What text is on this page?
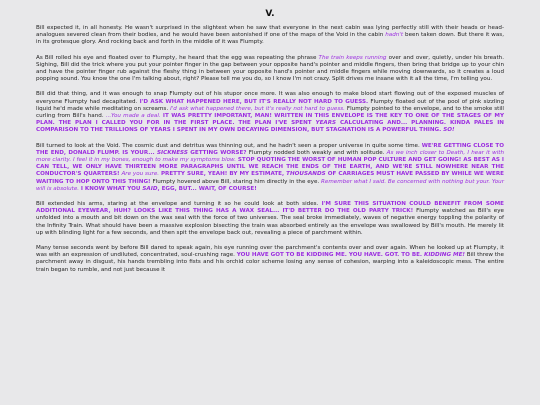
V.

Bill expected it, in all honesty. He wasn't surprised in the slightest when he saw that everyone in the next cabin was lying perfectly still with their heads or head-analogues severed clean from their bodies, and he would have been astonished if one of the maps of the Void in the cabin hadn't been taken down. But there it was, in its grotesque glory. And rocking back and forth in the middle of it was Flumpty.

As Bill rolled his eye and floated over to Flumpty, he heard that the egg was repeating the phrase The train keeps running over and over, quietly, under his breath. Sighing, Bill did the trick where you put your pointer finger in the gap between your opposite hand's pointer and middle fingers, then bring that bridge up to your chin and have the pointer finger rub against the fleshy thing in between your opposite hand's pointer and middle fingers while moving downwards, so it creates a loud popping sound. You know the one I'm talking about, right? Please tell me you do, so I know I'm not crazy. Split drives me insane with it all the time, I'm telling you.

Bill did that thing, and it was enough to snap Flumpty out of his stupor once more. It was also enough to make blood start flowing out of the exposed muscles of everyone Flumpty had decapitated. I'D ASK WHAT HAPPENED HERE, BUT IT'S REALLY NOT HARD TO GUESS. Flumpty floated out of the pool of pink sizzling liquid he'd made while meditating on screams. I'd ask what happened there, but it's really not hard to guess. Flumpty pointed to the envelope, and to the smoke still curling from Bill's hand. ...You made a deal. IT WAS PRETTY IMPORTANT, MAN! WRITTEN IN THIS ENVELOPE IS THE KEY TO ONE OF THE STAGES OF MY PLAN. THE PLAN I CALLED YOU FOR IN THE FIRST PLACE. THE PLAN I'VE SPENT YEARS CALCULATING AND... PLANNING. KINDA PALES IN COMPARISON TO THE TRILLIONS OF YEARS I SPENT IN MY OWN DECAYING DIMENSION, BUT STAGNATION IS A POWERFUL THING. SO!

Bill turned to look at the Void. The cosmic dust and detritus was thinning out, and he hadn't seen a proper universe in quite some time. WE'RE GETTING CLOSE TO THE END, DONALD FLUMP. IS YOUR... SICKNESS GETTING WORSE? Flumpty nodded both weakly and with solitude. As we inch closer to Death, I hear it with more clarity. I feel it in my bones, enough to make my symptoms blow. STOP QUOTING THE WORST OF HUMAN POP CULTURE AND GET GOING! AS BEST AS I CAN TELL, WE ONLY HAVE THIRTEEN MORE PARAGRAPHS UNTIL WE REACH THE ENDS OF THE EARTH, AND WE'RE STILL NOWHERE NEAR THE CONDUCTOR'S QUARTERS! Are you sure. PRETTY SURE, YEAH! BY MY ESTIMATE, THOUSANDS OF CARRIAGES MUST HAVE PASSED BY WHILE WE WERE WAITING TO HOP ONTO THIS THING! Flumpty hovered above Bill, staring him directly in the eye. Remember what I said. Be concerned with nothing but your. Your will is absolute. I KNOW WHAT YOU SAID, EGG, BUT... WAIT, OF COURSE!

Bill extended his arms, staring at the envelope and turning it so he could look at both sides. I'M SURE THIS SITUATION COULD BENEFIT FROM SOME ADDITIONAL EYEWEAR, HUH? LOOKS LIKE THIS THING HAS A WAX SEAL... IT'D BETTER DO THE OLD PARTY TRICK! Flumpty watched as Bill's eye unfolded into a mouth and bit down on the wax seal with the force of two universes. The seal broke immediately, waves of negative energy toppling the polarity of the Infinity Train. What should have been a massive explosion bisecting the train was absorbed entirely as the envelope was swallowed by Bill's mouth. He merely lit up with blinding light for a few seconds, and then spit the envelope back out, revealing a piece of parchment within.

Many tense seconds went by before Bill dared to speak again, his eye running over the parchment's contents over and over again. When he looked up at Flumpty, it was with an expression of undiluted, concentrated, soul-crushing rage. YOU HAVE GOT TO BE KIDDING ME. YOU HAVE. GOT. TO BE. KIDDING ME! Bill threw the parchment away in disgust, his hands trembling into fists and his orchid color scheme losing any sense of cohesion, warping into a kaleidoscopic mess. The entire train began to rumble, and not just because it
